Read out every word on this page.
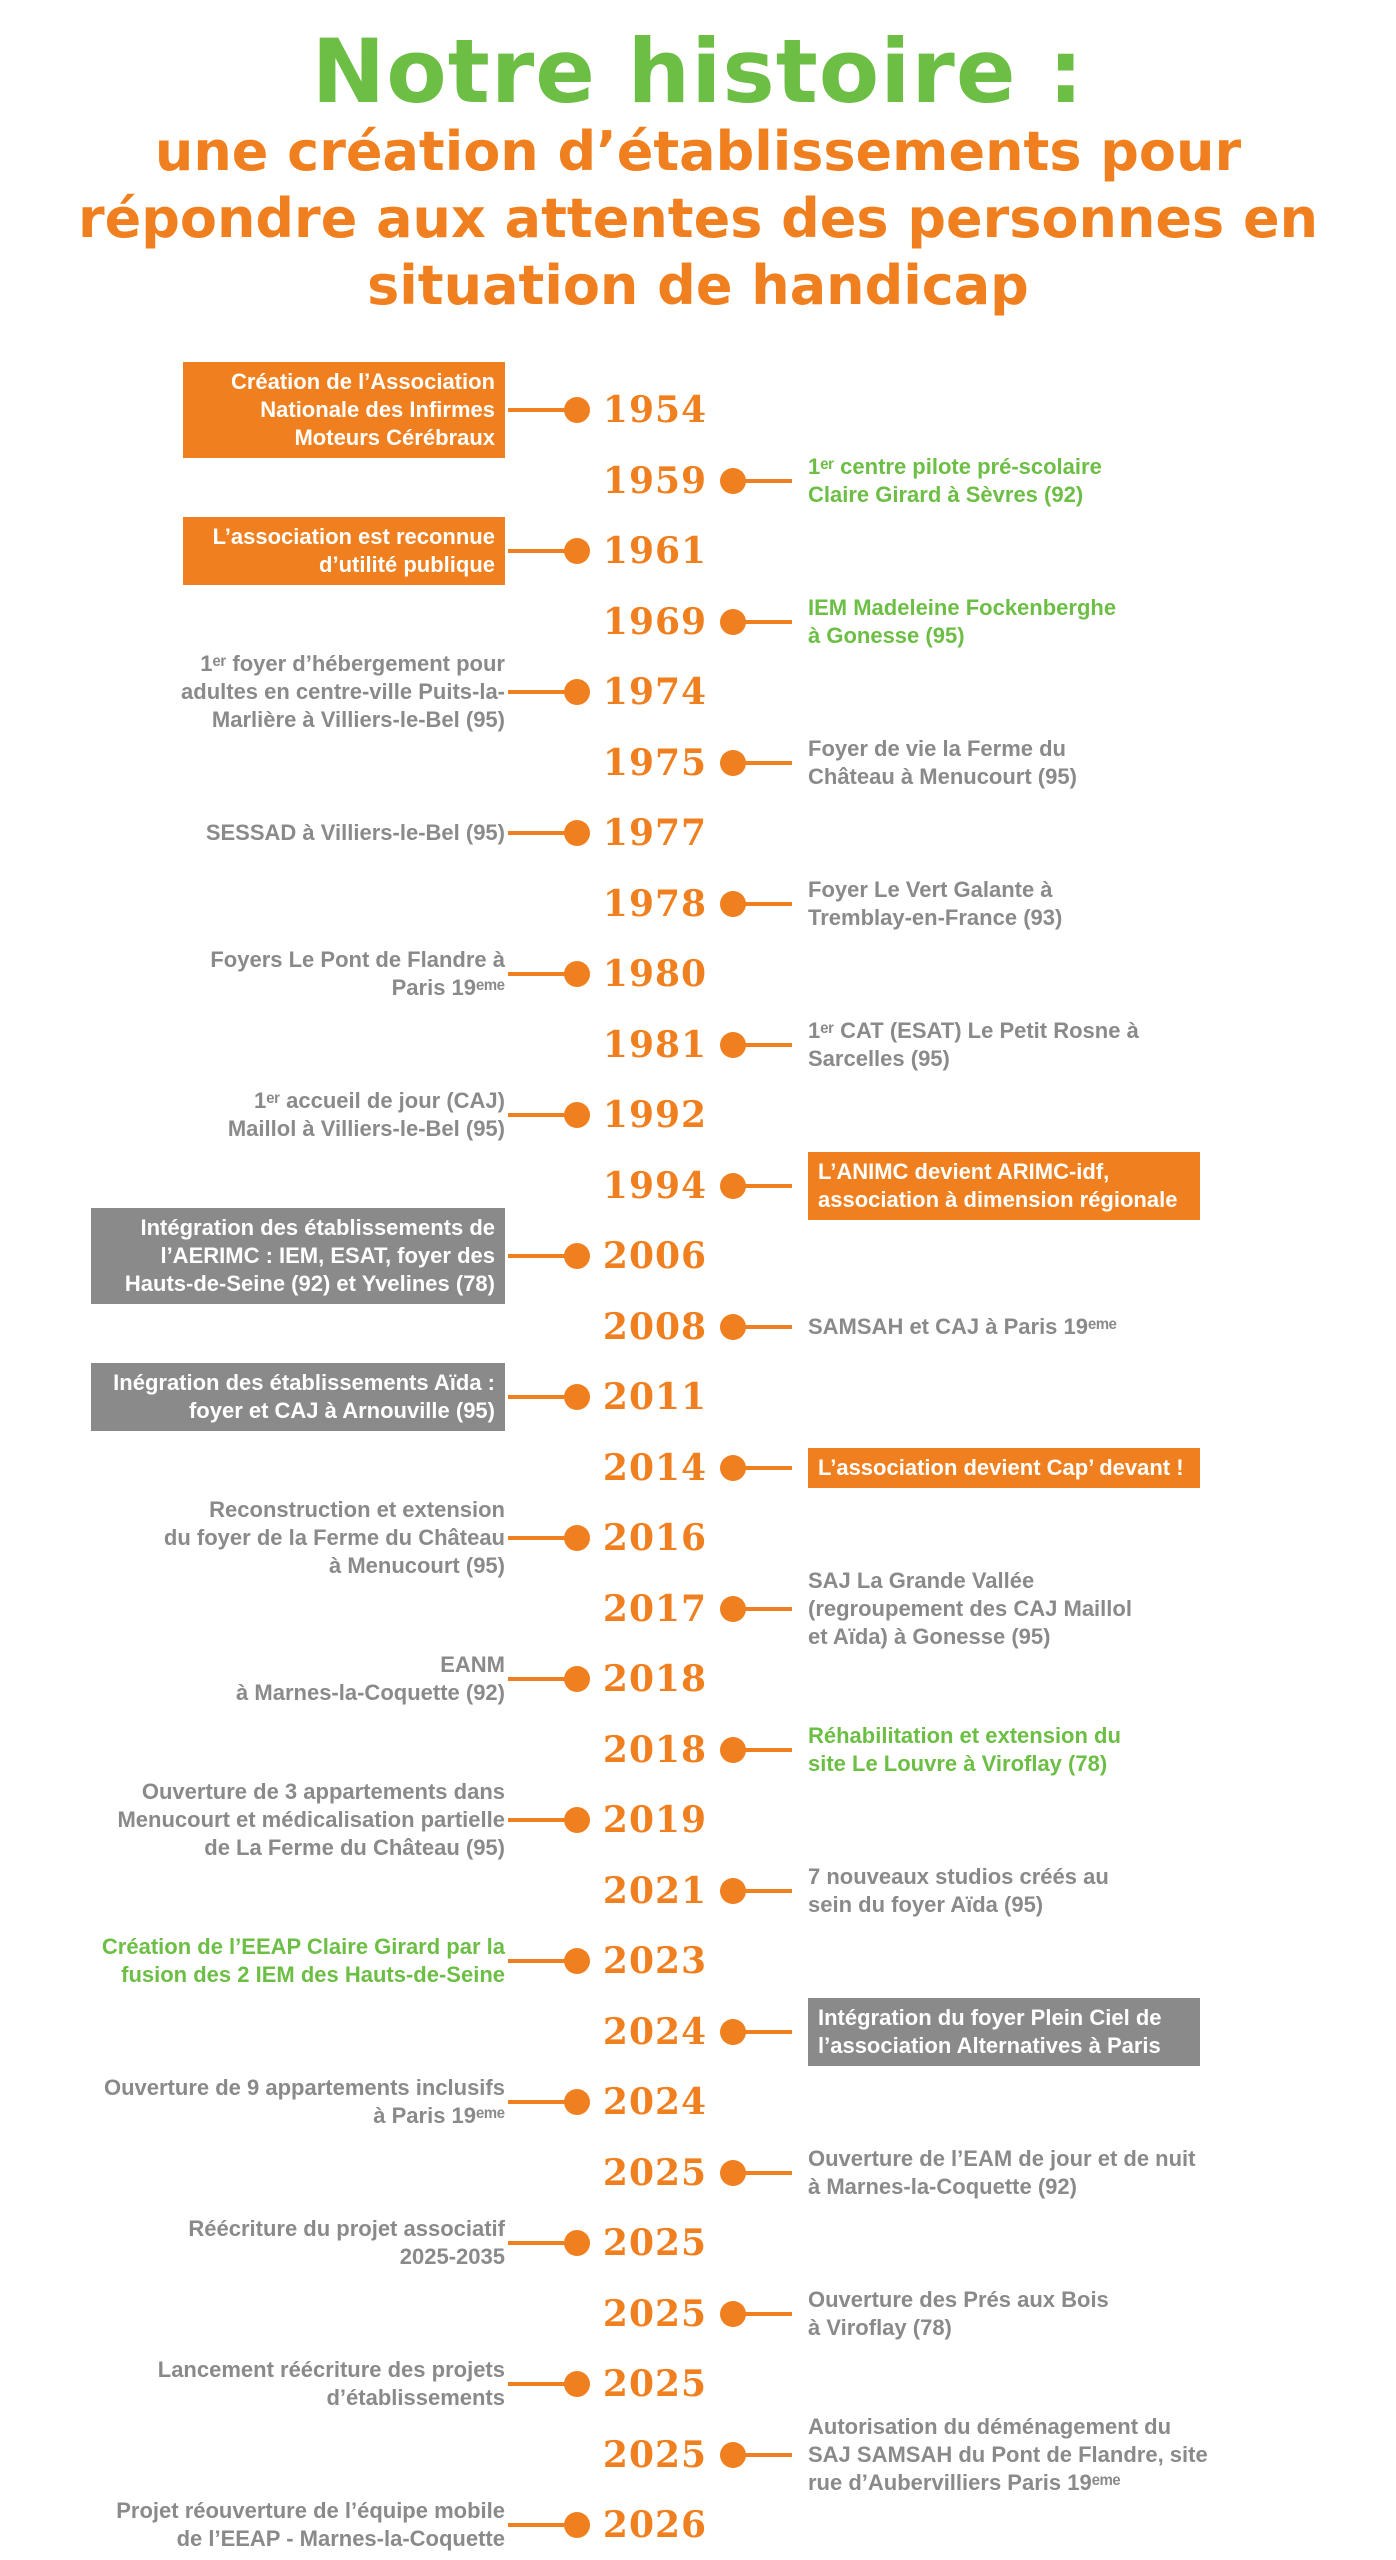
Notre histoire :
une création d’établissements pour
répondre aux attentes des personnes en
situation de handicap
1954
Création de l’Association
Nationale des Infirmes
Moteurs Cérébraux
1959	1ᵉʳ centre pilote pré-scolaire
Claire Girard à Sèvres (92)
1961
L’association est reconnue
d’utilité publique
1969	IEM Madeleine Fockenberghe
à Gonesse (95)
1974
1ᵉʳ foyer d’hébergement pour
adultes en centre-ville Puits-la-
Marlière à Villiers-le-Bel (95)
1975	Foyer de vie la Ferme du
Château à Menucourt (95)
1977
SESSAD à Villiers-le-Bel (95)
1978	Foyer Le Vert Galante à
Tremblay-en-France (93)
1980
Foyers Le Pont de Flandre à
Paris 19ᵉᵐᵉ
1981	1ᵉʳ CAT (ESAT) Le Petit Rosne à
Sarcelles (95)
1992
1ᵉʳ accueil de jour (CAJ)
Maillol à Villiers-le-Bel (95)
1994	L’ANIMC devient ARIMC-idf,
association à dimension régionale
2006
Intégration des établissements de
l’AERIMC : IEM, ESAT, foyer des
Hauts-de-Seine (92) et Yvelines (78)
2008	SAMSAH et CAJ à Paris 19ᵉᵐᵉ
2011
Inégration des établissements Aïda :
foyer et CAJ à Arnouville (95)
2014	L’association devient Cap’ devant !
2016
Reconstruction et extension
du foyer de la Ferme du Château
à Menucourt (95)
2017
SAJ La Grande Vallée
(regroupement des CAJ Maillol
et Aïda) à Gonesse (95)
2018
EANM
à Marnes-la-Coquette (92)
2018	Réhabilitation et extension du
site Le Louvre à Viroflay (78)
2019
Ouverture de 3 appartements dans
Menucourt et médicalisation partielle
de La Ferme du Château (95)
2021	7 nouveaux studios créés au
sein du foyer Aïda (95)
2023
Création de l’EEAP Claire Girard par la
fusion des 2 IEM des Hauts-de-Seine
2024	Intégration du foyer Plein Ciel de
l’association Alternatives à Paris
2024
Ouverture de 9 appartements inclusifs
à Paris 19ᵉᵐᵉ
2025	Ouverture de l’EAM de jour et de nuit
à Marnes-la-Coquette (92)
2025
Réécriture du projet associatif
2025-2035
2025	Ouverture des Prés aux Bois
à Viroflay (78)
2025
Lancement réécriture des projets
d’établissements
2025
Autorisation du déménagement du
SAJ SAMSAH du Pont de Flandre, site
rue d’Aubervilliers Paris 19ᵉᵐᵉ
2026
Projet réouverture de l’équipe mobile
de l’EEAP - Marnes-la-Coquette
